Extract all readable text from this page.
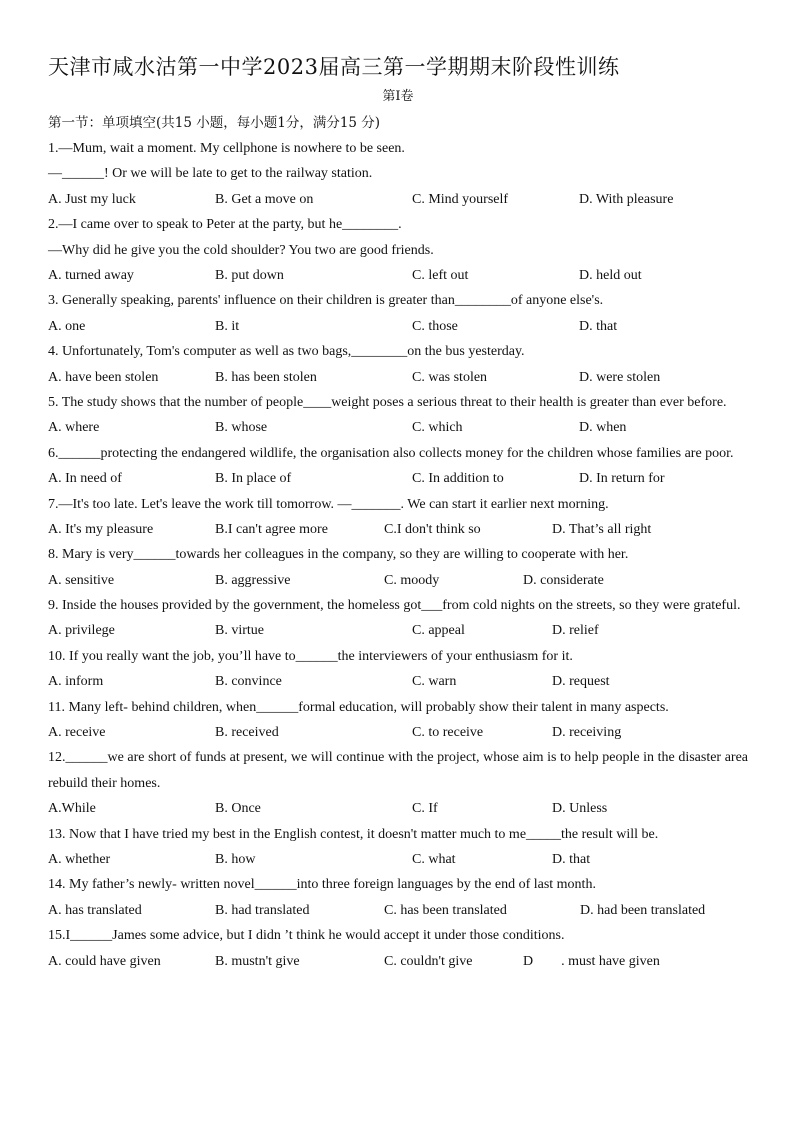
天津市咸水沽第一中学2023届高三第一学期期末阶段性训练
第Ⅰ卷
第一节：单项填空(共15 小题，每小题1分，满分15 分)
1.—Mum, wait a moment. My cellphone is nowhere to be seen.
—______! Or we will be late to get to the railway station.
A. Just my luck	B. Get a move on	C. Mind yourself	D. With pleasure
2.—I came over to speak to Peter at the party, but he________.
—Why did he give you the cold shoulder? You two are good friends.
A. turned away	B. put down	C. left out	D. held out
3. Generally speaking, parents' influence on their children is greater than________of anyone else's.
A. one	B. it	C. those	D. that
4. Unfortunately, Tom's computer as well as two bags,________on the bus yesterday.
A. have been stolen	B. has been stolen	C. was stolen	D. were stolen
5. The study shows that the number of people____weight poses a serious threat to their health is greater than ever before.
A. where	B. whose	C. which	D. when
6.______protecting the endangered wildlife, the organisation also collects money for the children whose families are poor.
A. In need of	B. In place of	C. In addition to	D. In return for
7.—It's too late. Let's leave the work till tomorrow. —_______. We can start it earlier next morning.
A. It's my pleasure	B.I can't agree more	C.I don't think so	D. That’s all right
8. Mary is very______towards her colleagues in the company, so they are willing to cooperate with her.
A. sensitive	B. aggressive	C. moody	D. considerate
9. Inside the houses provided by the government, the homeless got___from cold nights on the streets, so they were grateful.
A. privilege	B. virtue	C. appeal	D. relief
10. If you really want the job, you’ll have to______the interviewers of your enthusiasm for it.
A. inform	B. convince	C. warn	D. request
11. Many left- behind children, when______formal education, will probably show their talent in many aspects.
A. receive	B. received	C. to receive	D. receiving
12.______we are short of funds at present, we will continue with the project, whose aim is to help people in the disaster area rebuild their homes.
A.While	B. Once	C. If	D. Unless
13. Now that I have tried my best in the English contest, it doesn't matter much to me_____the result will be.
A. whether	B. how	C. what	D. that
14. My father’s newly- written novel______into three foreign languages by the end of last month.
A. has translated	B. had translated	C. has been translated	D. had been translated
15.I______James some advice, but I didn ’t think he would accept it under those conditions.
A. could have given	B. mustn't give	C. couldn't give	D        . must have given
